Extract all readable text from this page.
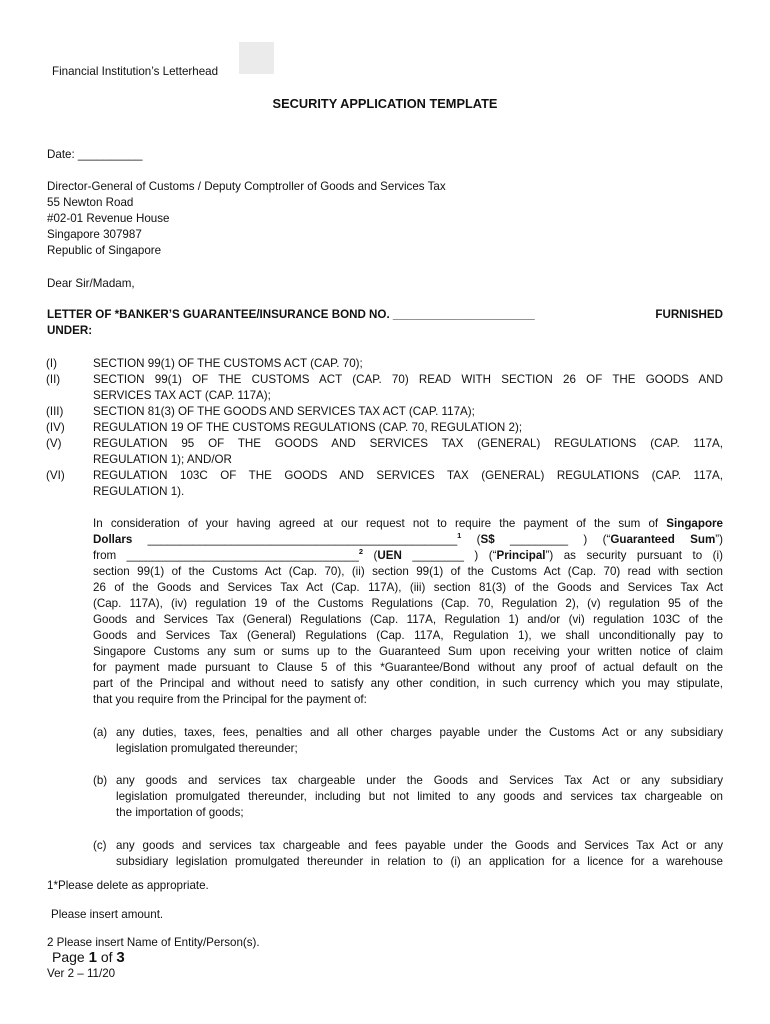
Financial Institution’s Letterhead
SECURITY APPLICATION TEMPLATE
Date: __________
Director-General of Customs / Deputy Comptroller of Goods and Services Tax
55 Newton Road
#02-01 Revenue House
Singapore 307987
Republic of Singapore
Dear Sir/Madam,
LETTER OF *BANKER’S GUARANTEE/INSURANCE BOND NO. ______________________	FURNISHED
UNDER:
(I)	SECTION 99(1) OF THE CUSTOMS ACT (CAP. 70);
(II)	SECTION 99(1) OF THE CUSTOMS ACT (CAP. 70) READ WITH SECTION 26 OF THE GOODS AND
SERVICES TAX ACT (CAP. 117A);
(III)	SECTION 81(3) OF THE GOODS AND SERVICES TAX ACT (CAP. 117A);
(IV) REGULATION 19 OF THE CUSTOMS REGULATIONS (CAP. 70, REGULATION 2);
(V)	REGULATION 95 OF THE GOODS AND SERVICES TAX (GENERAL) REGULATIONS (CAP. 117A,
REGULATION 1); AND/OR
(VI) REGULATION 103C OF THE GOODS AND SERVICES TAX (GENERAL) REGULATIONS (CAP. 117A,
REGULATION 1).
In consideration of your having agreed at our request not to require the payment of the sum of Singapore
Dollars ________________________________________________$^1$ (S$ _________ ) (“Guaranteed Sum”)
from ____________________________________$^2$ (UEN ________ ) (“Principal”) as security pursuant to (i)
section 99(1) of the Customs Act (Cap. 70), (ii) section 99(1) of the Customs Act (Cap. 70) read with section
26 of the Goods and Services Tax Act (Cap. 117A), (iii) section 81(3) of the Goods and Services Tax Act
(Cap. 117A), (iv) regulation 19 of the Customs Regulations (Cap. 70, Regulation 2), (v) regulation 95 of the
Goods and Services Tax (General) Regulations (Cap. 117A, Regulation 1) and/or (vi) regulation 103C of the
Goods and Services Tax (General) Regulations (Cap. 117A, Regulation 1), we shall unconditionally pay to
Singapore Customs any sum or sums up to the Guaranteed Sum upon receiving your written notice of claim
for payment made pursuant to Clause 5 of this *Guarantee/Bond without any proof of actual default on the
part of the Principal and without need to satisfy any other condition, in such currency which you may stipulate,
that you require from the Principal for the payment of:
(a) any duties, taxes, fees, penalties and all other charges payable under the Customs Act or any subsidiary
legislation promulgated thereunder;
(b) any goods and services tax chargeable under the Goods and Services Tax Act or any subsidiary
legislation promulgated thereunder, including but not limited to any goods and services tax chargeable on
the importation of goods;
(c) any goods and services tax chargeable and fees payable under the Goods and Services Tax Act or any
subsidiary legislation promulgated thereunder in relation to (i) an application for a licence for a warehouse
1*Please delete as appropriate.
Please insert amount.
2 Please insert Name of Entity/Person(s).
Page 1 of 3
Ver 2 – 11/20
